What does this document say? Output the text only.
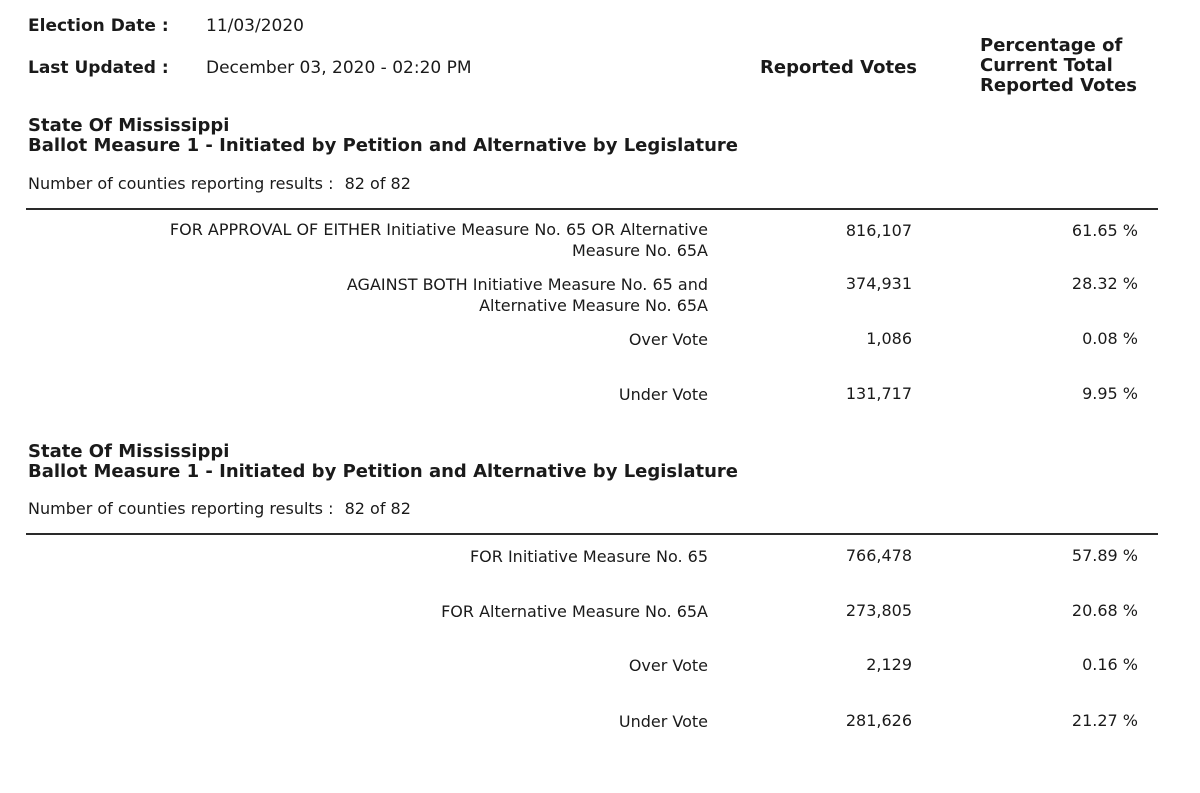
Election Date : 11/03/2020
Last Updated : December 03, 2020 - 02:20 PM	Reported Votes
Percentage of
Current Total
Reported Votes
State Of Mississippi
Ballot Measure 1 - Initiated by Petition and Alternative by Legislature
Number of counties reporting results : 82 of 82
FOR APPROVAL OF EITHER Initiative Measure No. 65 OR Alternative
Measure No. 65A
816,107	61.65 %
AGAINST BOTH Initiative Measure No. 65 and
Alternative Measure No. 65A
374,931	28.32 %
Over Vote	1,086	0.08 %
Under Vote	131,717	9.95 %
State Of Mississippi
Ballot Measure 1 - Initiated by Petition and Alternative by Legislature
Number of counties reporting results : 82 of 82
FOR Initiative Measure No. 65	766,478	57.89 %
FOR Alternative Measure No. 65A	273,805	20.68 %
Over Vote	2,129	0.16 %
Under Vote	281,626	21.27 %
